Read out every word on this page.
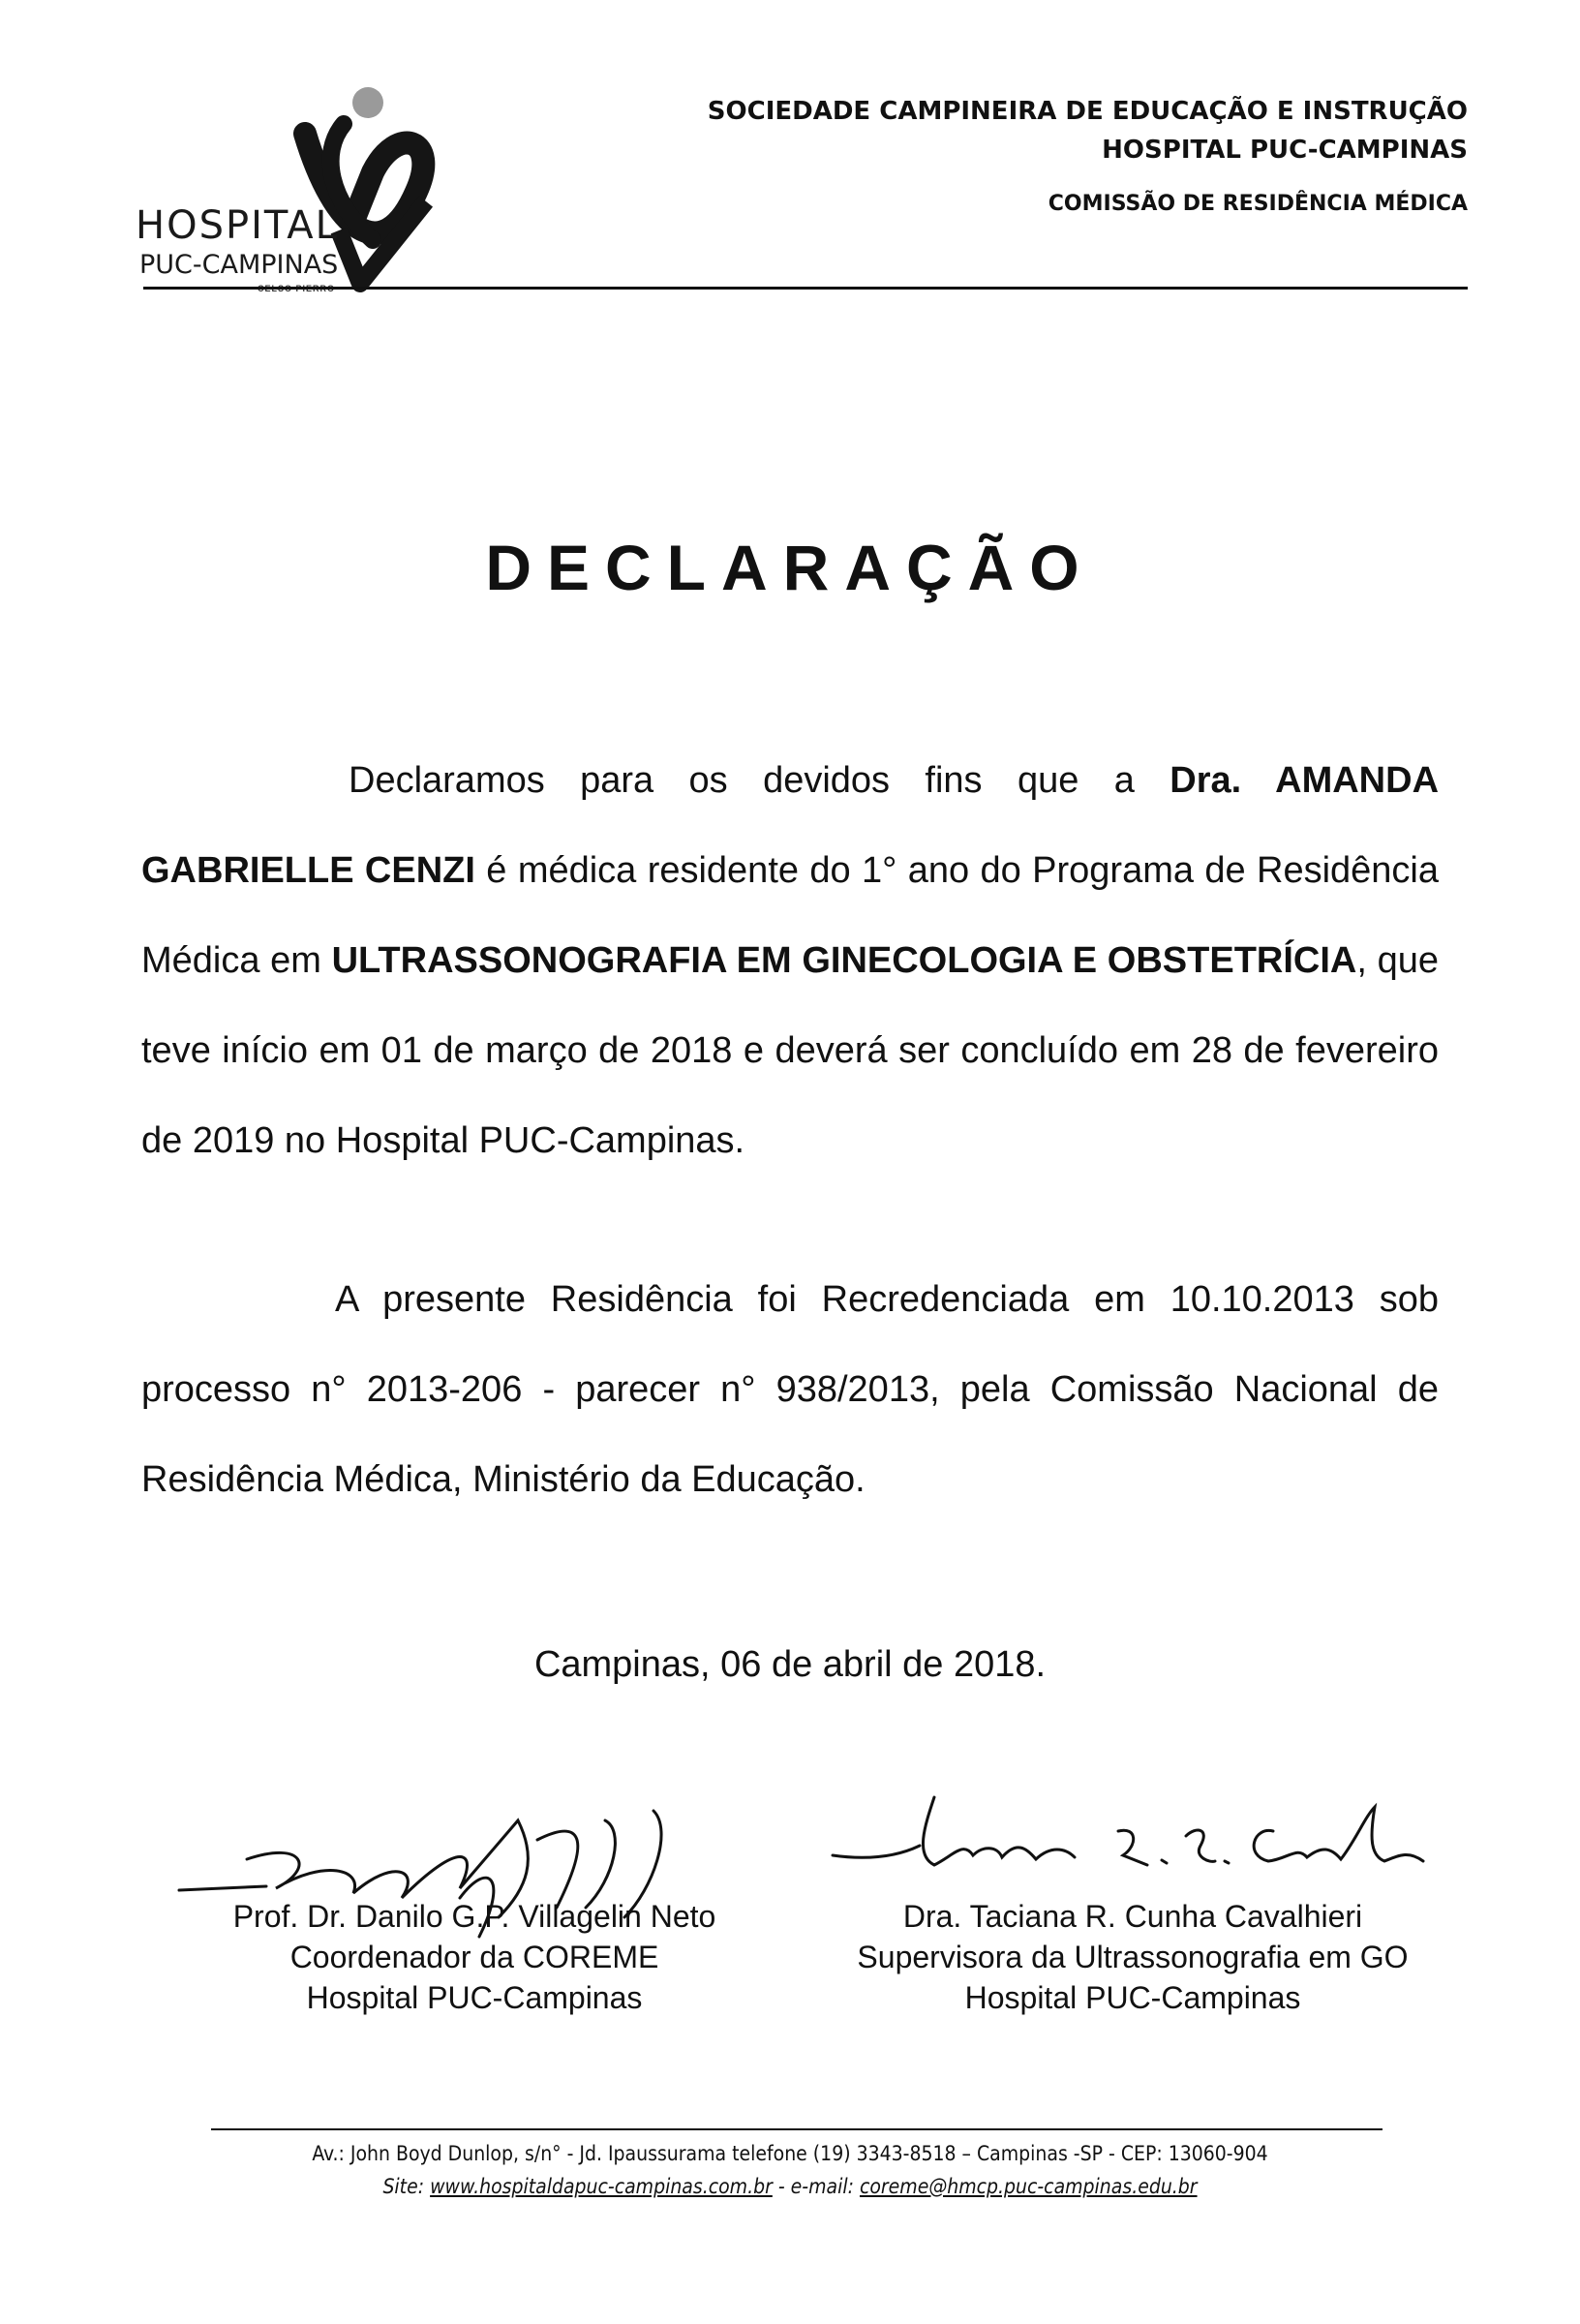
HOSPITAL
PUC-CAMPINAS
SOCIEDADE CAMPINEIRA DE EDUCAÇÃO E INSTRUÇÃO
HOSPITAL PUC-CAMPINAS
COMISSÃO DE RESIDÊNCIA MÉDICA
DECLARAÇÃO
Declaramos para os devidos fins que a Dra. AMANDA GABRIELLE CENZI é médica residente do 1° ano do Programa de Residência Médica em ULTRASSONOGRAFIA EM GINECOLOGIA E OBSTETRÍCIA, que teve início em 01 de março de 2018 e deverá ser concluído em 28 de fevereiro de 2019 no Hospital PUC-Campinas.
A presente Residência foi Recredenciada em 10.10.2013 sob processo n° 2013-206 - parecer n° 938/2013, pela Comissão Nacional de Residência Médica, Ministério da Educação.
Campinas, 06 de abril de 2018.
Prof. Dr. Danilo G.P. Villagelin Neto
Coordenador da COREME
Hospital PUC-Campinas
Dra. Taciana R. Cunha Cavalhieri
Supervisora da Ultrassonografia em GO
Hospital PUC-Campinas
Av.: John Boyd Dunlop, s/n° - Jd. Ipaussurama telefone (19) 3343-8518 – Campinas -SP - CEP: 13060-904
Site: www.hospitaldapuc-campinas.com.br - e-mail: coreme@hmcp.puc-campinas.edu.br
